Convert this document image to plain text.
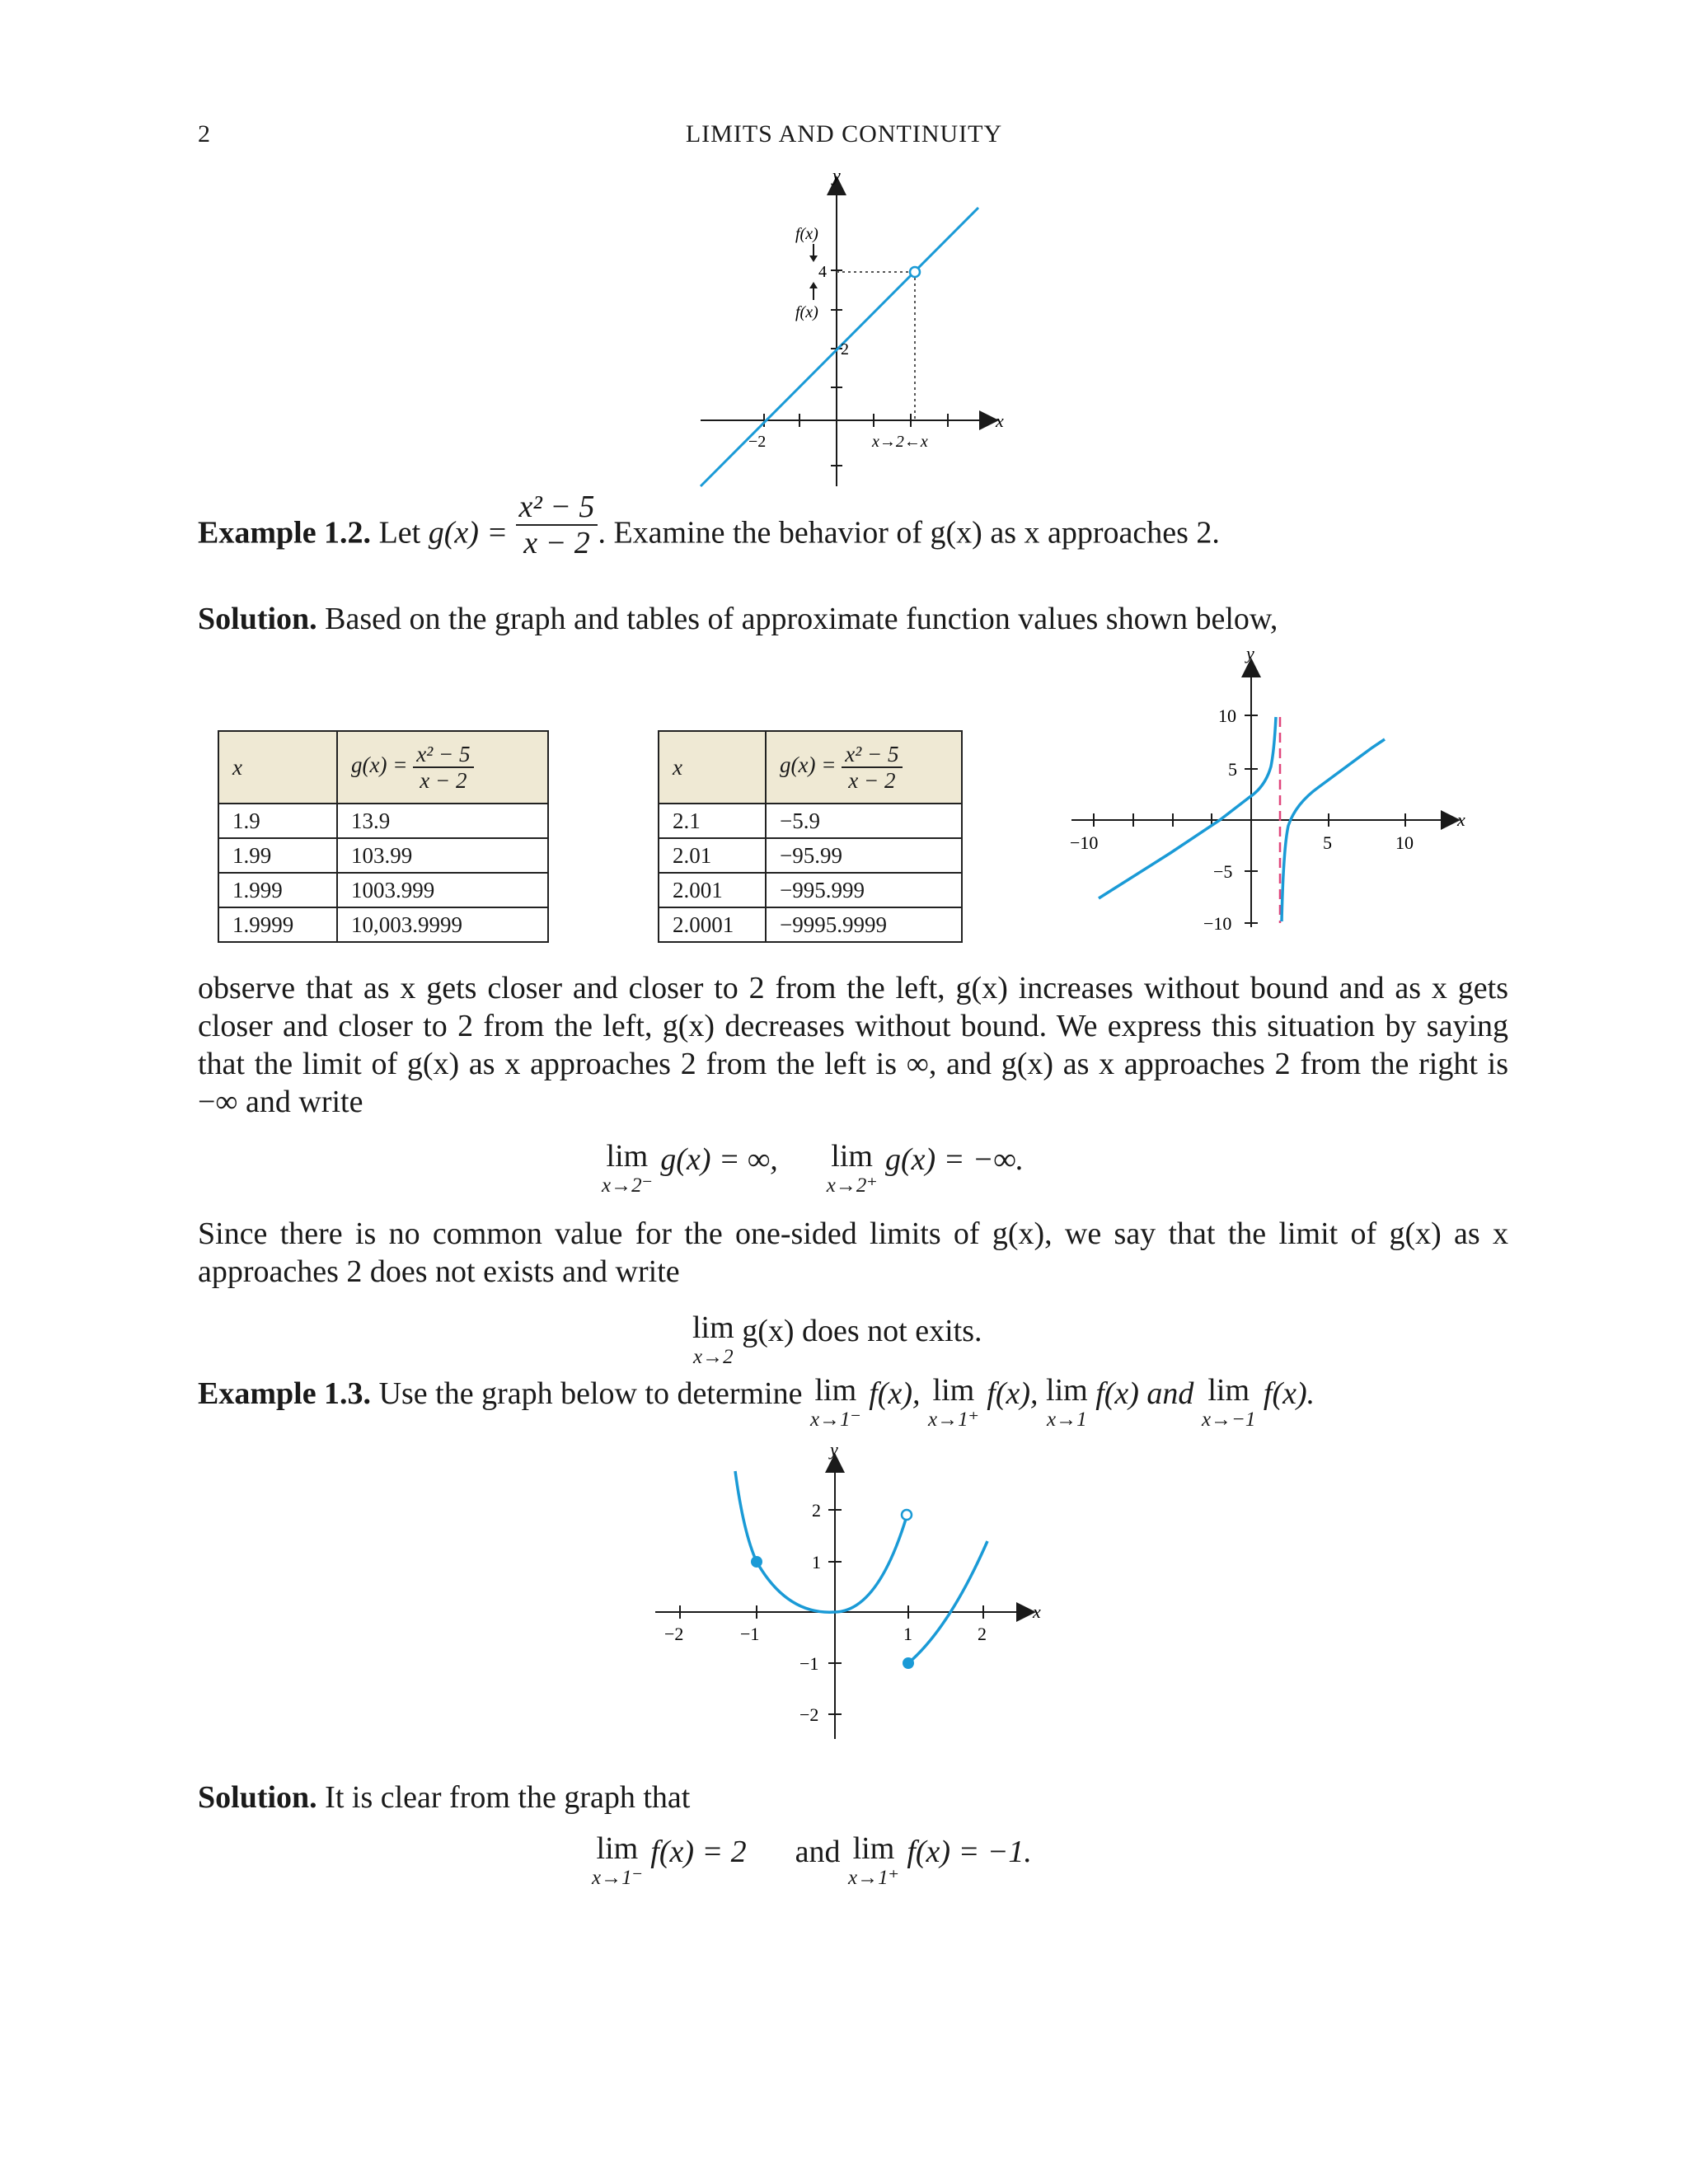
2	LIMITS AND CONTINUITY
y
x
f(x)
4
f(x)
2
−2	x→2←x
Example 1.2. Let $g(x) = \frac{\text{x² − 5}}{x - 2}$ . Examine the behavior of g(x) as x approaches 2.
Solution. Based on the graph and tables of approximate function values shown below,
x	$g(x) = \frac{\text{x² − 5}}{x - 2}$

1.9	13.9
1.99	103.99
1.999	1003.999
1.9999	10,003.9999
x	$g(x) = \frac{\text{x² − 5}}{x - 2}$

2.1	−5.9
2.01	−95.99
2.001	−995.999
2.0001	−9995.9999
y
x
10
5
−5
−10
−10	5	10
observe that as x gets closer and closer to 2 from the left, g(x) increases without bound and as x gets closer and closer to 2 from the left, g(x) decreases without bound. We express this situation by saying that the limit of g(x) as x approaches 2 from the left is ∞, and g(x) as x approaches 2 from the right is −∞ and write
lim
x→2⁻
g(x) = ∞, lim
x→2⁺
g(x) = −∞.
Since there is no common value for the one-sided limits of g(x), we say that the limit of g(x) as x approaches 2 does not exists and write
lim
x→2
g(x) does not exits.
Example 1.3. Use the graph below to determine lim
x→1⁻
f(x), lim
x→1⁺
f(x), lim
x→1
f(x) and lim
x→−1
f(x).
y
x
2
1
−1
−2
−2	−1	1	2
Solution. It is clear from the graph that
lim
x→1⁻
f(x) = 2 and lim
x→1⁺
f(x) = −1.
